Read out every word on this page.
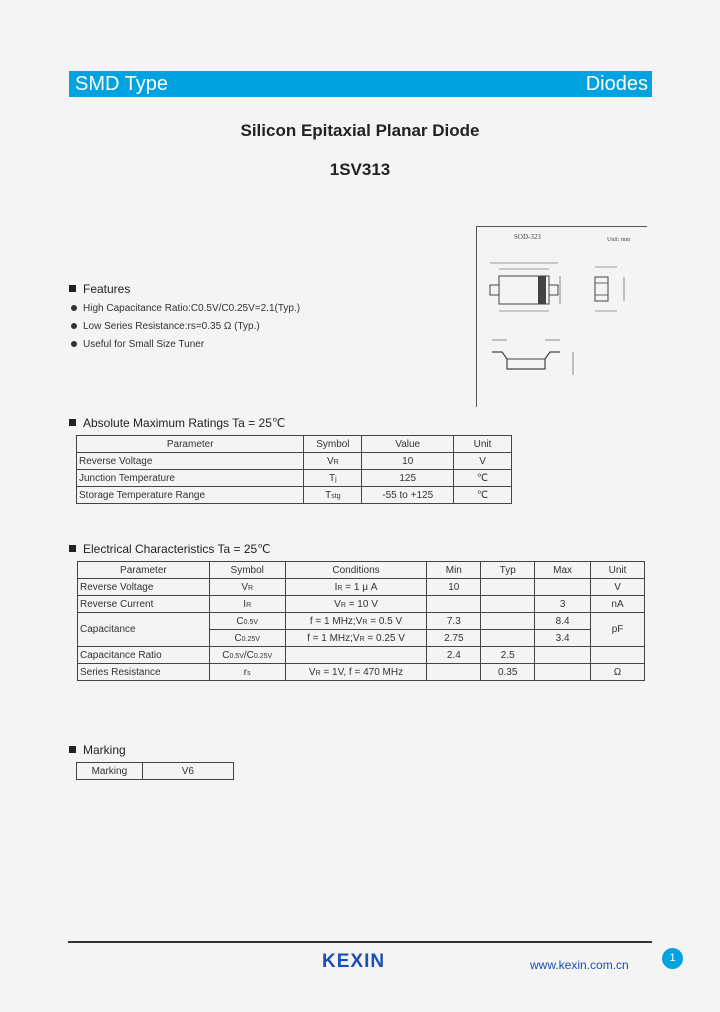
SMD Type	Diodes
Silicon Epitaxial Planar Diode
1SV313
SOD-323	Unit: mm
Features
High Capacitance Ratio:C0.5V/C0.25V=2.1(Typ.)
Low Series Resistance:rs=0.35 Ω (Typ.)
Useful for Small Size Tuner
Absolute Maximum Ratings Ta = 25℃
Parameter	Symbol	Value	Unit
Reverse Voltage	VR	10	V
Junction Temperature	Tj	125	℃
Storage Temperature Range	Tstg	-55 to +125	℃
Electrical Characteristics Ta = 25℃
Parameter	Symbol	Conditions	Min	Typ	Max	Unit
Reverse Voltage	VR	IR = 1 μ A	10			V
Reverse Current	IR	VR = 10 V			3	nA
Capacitance	C0.5V	f = 1 MHz;VR = 0.5 V	7.3		8.4	pF
	C0.25V	f = 1 MHz;VR = 0.25 V	2.75		3.4	
Capacitance Ratio	C0.5V/C0.25V		2.4	2.5		
Series Resistance	rs	VR = 1V, f = 470 MHz		0.35		Ω
Marking
Marking	V6
KEXIN	www.kexin.com.cn	1
